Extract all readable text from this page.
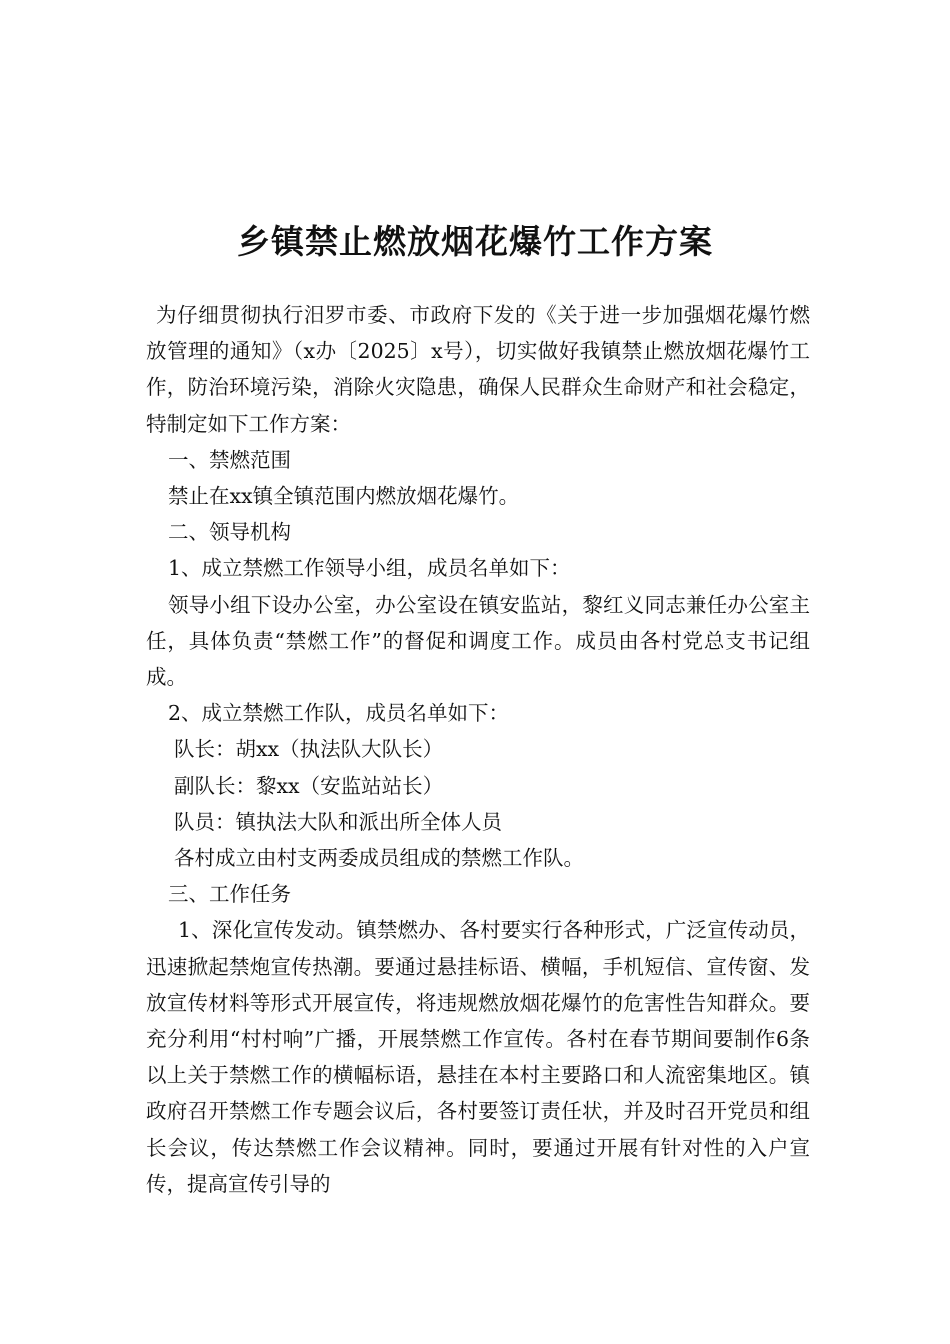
乡镇禁止燃放烟花爆竹工作方案

为仔细贯彻执行汨罗市委、市政府下发的《关于进一步加强烟花爆竹燃放管理的通知》（x办〔2025〕x号），切实做好我镇禁止燃放烟花爆竹工作，防治环境污染，消除火灾隐患，确保人民群众生命财产和社会稳定，特制定如下工作方案：

一、禁燃范围

禁止在xx镇全镇范围内燃放烟花爆竹。

二、领导机构

1、成立禁燃工作领导小组，成员名单如下：

领导小组下设办公室，办公室设在镇安监站，黎红义同志兼任办公室主任，具体负责“禁燃工作”的督促和调度工作。成员由各村党总支书记组成。

2、成立禁燃工作队，成员名单如下：

队长：胡xx（执法队大队长）

副队长：黎xx（安监站站长）

队员：镇执法大队和派出所全体人员

各村成立由村支两委成员组成的禁燃工作队。

三、工作任务

1、深化宣传发动。镇禁燃办、各村要实行各种形式，广泛宣传动员，迅速掀起禁炮宣传热潮。要通过悬挂标语、横幅，手机短信、宣传窗、发放宣传材料等形式开展宣传，将违规燃放烟花爆竹的危害性告知群众。要充分利用“村村响”广播，开展禁燃工作宣传。各村在春节期间要制作6条以上关于禁燃工作的横幅标语，悬挂在本村主要路口和人流密集地区。镇政府召开禁燃工作专题会议后，各村要签订责任状，并及时召开党员和组长会议，传达禁燃工作会议精神。同时，要通过开展有针对性的入户宣传，提高宣传引导的
